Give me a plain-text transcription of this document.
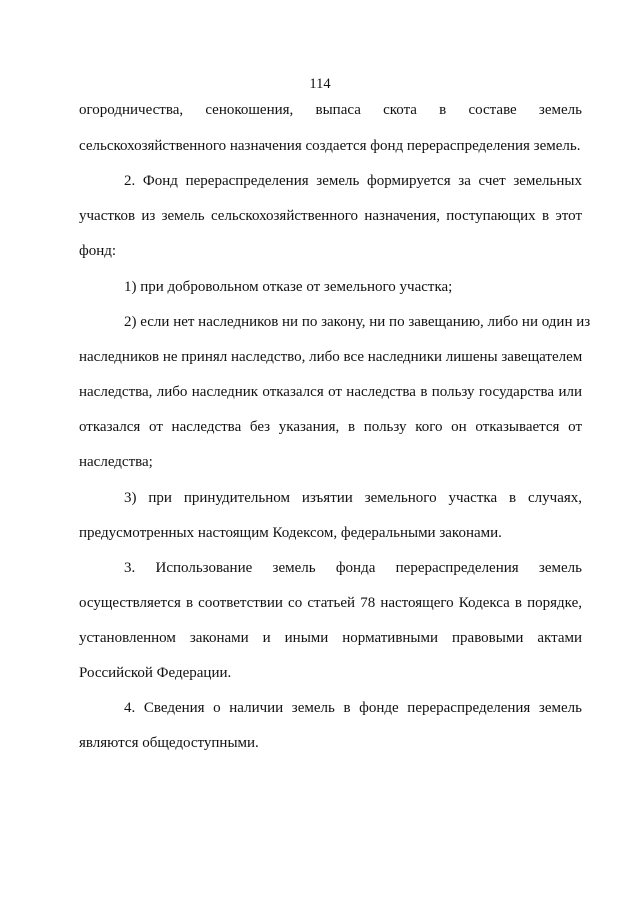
114
огородничества, сенокошения, выпаса скота в составе земель
сельскохозяйственного назначения создается фонд перераспределения земель.
2. Фонд перераспределения земель формируется за счет земельных
участков из земель сельскохозяйственного назначения, поступающих в этот
фонд:
1) при добровольном отказе от земельного участка;
2) если нет наследников ни по закону, ни по завещанию, либо ни один из
наследников не принял наследство, либо все наследники лишены завещателем
наследства, либо наследник отказался от наследства в пользу государства или
отказался от наследства без указания, в пользу кого он отказывается от
наследства;
3) при принудительном изъятии земельного участка в случаях,
предусмотренных настоящим Кодексом, федеральными законами.
3. Использование земель фонда перераспределения земель
осуществляется в соответствии со статьей 78 настоящего Кодекса в порядке,
установленном законами и иными нормативными правовыми актами
Российской Федерации.
4. Сведения о наличии земель в фонде перераспределения земель
являются общедоступными.
